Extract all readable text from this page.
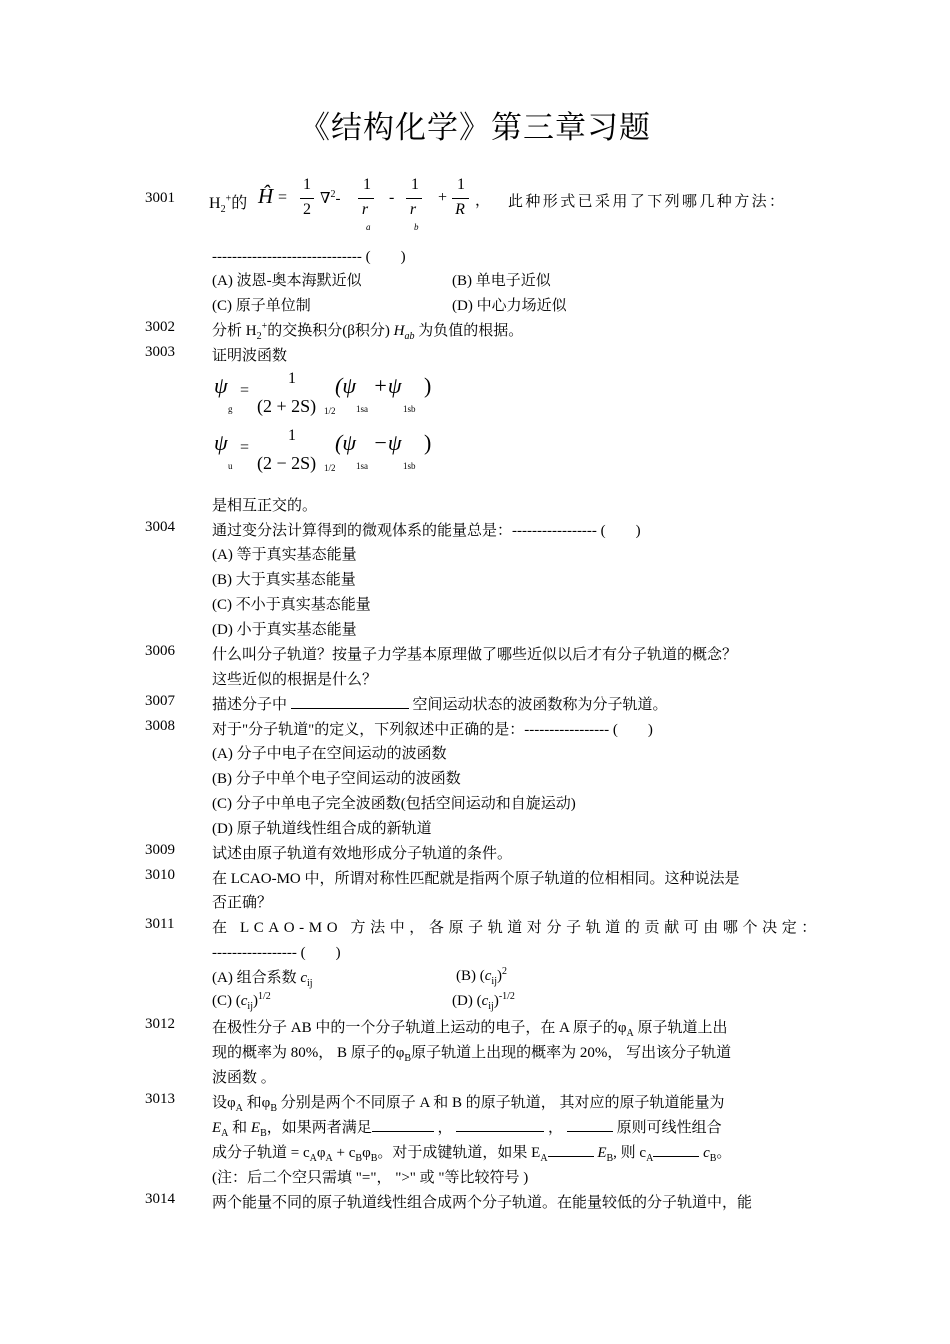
《结构化学》第三章习题
3001 $H_2^+$的 Ĥ =
1
2
∇$^2$-
1
r
a
-
1
r
b
+
1
R ， 此种形式已采用了下列哪几种方法：
------------------------------ (　　)
(A) 波恩-奥本海默近似	(B) 单电子近似
(C) 原子单位制	(D) 中心力场近似
3002 分析 $H_2^+$的交换积分(β积分) $H_{ab}$ 为负值的根据。
3003 证明波函数
ψ
g
=
1
(2 + 2S) 1/2
(ψ
1sa
+ψ
1sb
)
ψ
u
=
1
(2 − 2S) 1/2
(ψ
1sa
−ψ
1sb
)
是相互正交的。
3004 通过变分法计算得到的微观体系的能量总是：----------------- (　　)
(A) 等于真实基态能量
(B) 大于真实基态能量
(C) 不小于真实基态能量
(D) 小于真实基态能量
3006 什么叫分子轨道？按量子力学基本原理做了哪些近似以后才有分子轨道的概念？
这些近似的根据是什么？
3007 描述分子中	空间运动状态的波函数称为分子轨道。
3008 对于"分子轨道"的定义，下列叙述中正确的是：----------------- (　　)
(A) 分子中电子在空间运动的波函数
(B) 分子中单个电子空间运动的波函数
(C) 分子中单电子完全波函数(包括空间运动和自旋运动)
(D) 原子轨道线性组合成的新轨道
3009 试述由原子轨道有效地形成分子轨道的条件。
3010 在 LCAO-MO 中，所谓对称性匹配就是指两个原子轨道的位相相同。这种说法是
否正确？
3011	在 LCAO-MO 方法中，各原子轨道对分子轨道的贡献可由哪个决定：
----------------- (　　)
(A) 组合系数 $c_{ij}$	(B) $(c_{ij})^2$
(C) $(c_{ij})^{1/2}$	(D) $(c_{ij})^{-1/2}$
3012 在极性分子 AB 中的一个分子轨道上运动的电子，在 A 原子的$\varphi_A$ 原子轨道上出
现的概率为 80%， B 原子的$\varphi_B$原子轨道上出现的概率为 20%， 写出该分子轨道
波函数 。
3013 设$\varphi_A$ 和$\varphi_B$ 分别是两个不同原子 A 和 B 的原子轨道， 其对应的原子轨道能量为
$E_A$ 和 $E_B$，如果两者满足	，	，	原则可线性组合
成分子轨道 = $c_A\varphi_A + c_B\varphi_B$。对于成键轨道，如果 $E_A$	$E_B$, 则 $c_A$	$c_B$。
(注：后二个空只需填 "="， ">" 或 "等比较符号 )
3014 两个能量不同的原子轨道线性组合成两个分子轨道。在能量较低的分子轨道中，能
